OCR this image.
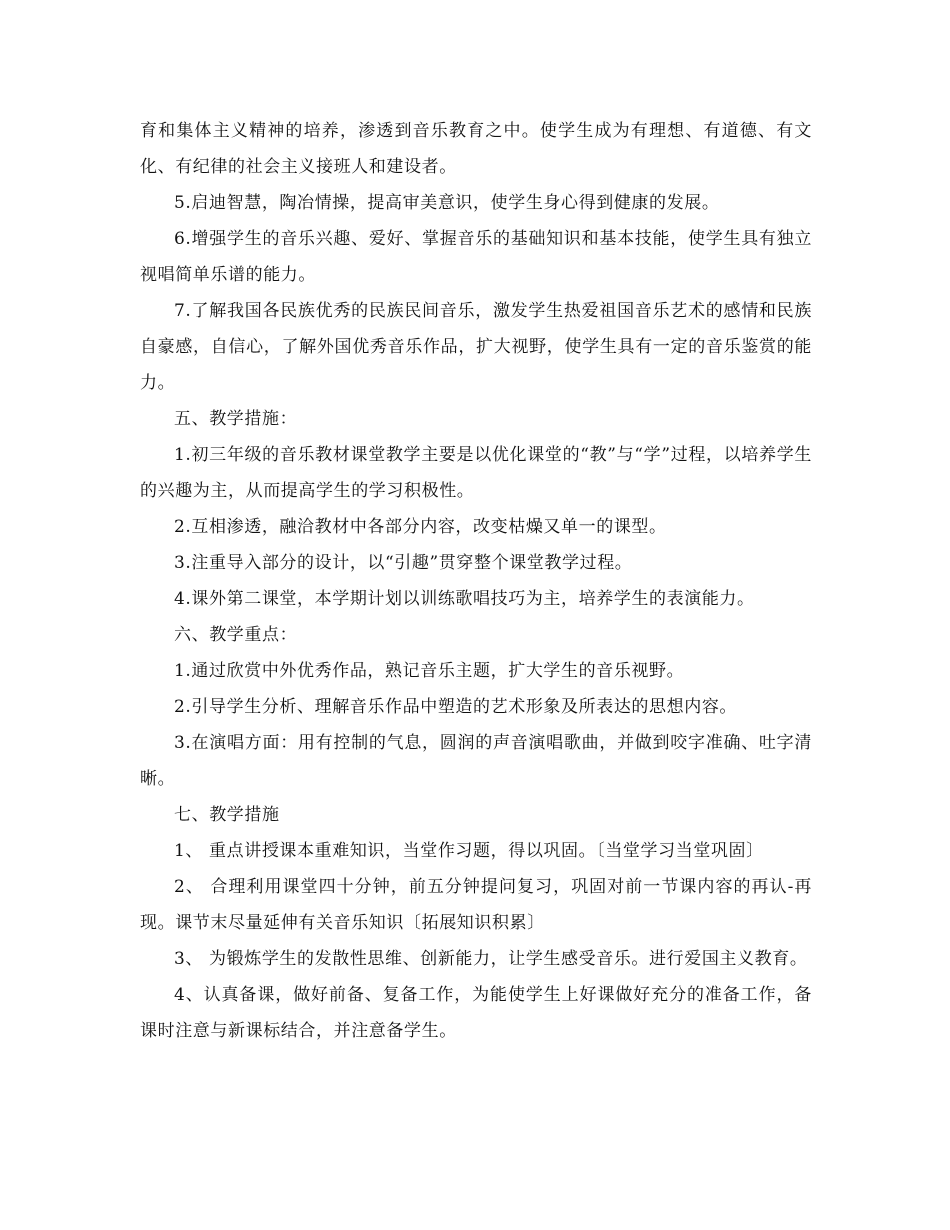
育和集体主义精神的培养，渗透到音乐教育之中。使学生成为有理想、有道德、有文化、有纪律的社会主义接班人和建设者。

5.启迪智慧，陶冶情操，提高审美意识，使学生身心得到健康的发展。

6.增强学生的音乐兴趣、爱好、掌握音乐的基础知识和基本技能，使学生具有独立视唱简单乐谱的能力。

7.了解我国各民族优秀的民族民间音乐，激发学生热爱祖国音乐艺术的感情和民族自豪感，自信心，了解外国优秀音乐作品，扩大视野，使学生具有一定的音乐鉴赏的能力。

五、教学措施：

1.初三年级的音乐教材课堂教学主要是以优化课堂的“教”与“学”过程，以培养学生的兴趣为主，从而提高学生的学习积极性。

2.互相渗透，融洽教材中各部分内容，改变枯燥又单一的课型。

3.注重导入部分的设计，以“引趣”贯穿整个课堂教学过程。

4.课外第二课堂，本学期计划以训练歌唱技巧为主，培养学生的表演能力。

六、教学重点：

1.通过欣赏中外优秀作品，熟记音乐主题，扩大学生的音乐视野。

2.引导学生分析、理解音乐作品中塑造的艺术形象及所表达的思想内容。

3.在演唱方面：用有控制的气息，圆润的声音演唱歌曲，并做到咬字准确、吐字清晰。

七、教学措施

1、 重点讲授课本重难知识，当堂作习题，得以巩固。〔当堂学习当堂巩固〕

2、 合理利用课堂四十分钟，前五分钟提问复习，巩固对前一节课内容的再认-再现。课节末尽量延伸有关音乐知识〔拓展知识积累〕

3、 为锻炼学生的发散性思维、创新能力，让学生感受音乐。进行爱国主义教育。

4、认真备课，做好前备、复备工作，为能使学生上好课做好充分的准备工作，备课时注意与新课标结合，并注意备学生。
